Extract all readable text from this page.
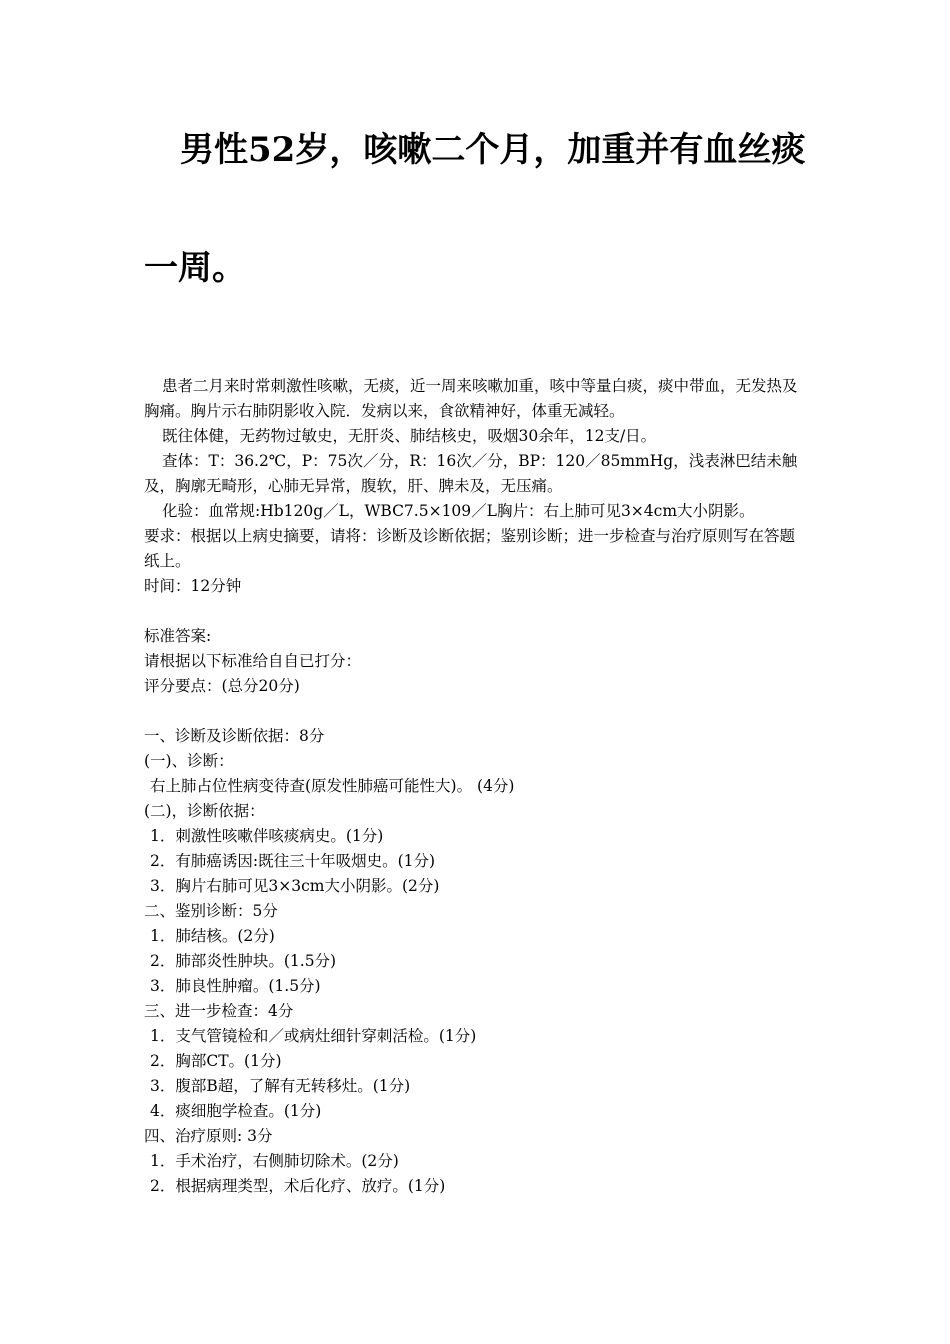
男性52岁，咳嗽二个月，加重并有血丝痰
一周。

患者二月来时常刺激性咳嗽，无痰，近一周来咳嗽加重，咳中等量白痰，痰中带血，无发热及胸痛。胸片示右肺阴影收入院．发病以来，食欲精神好，体重无减轻。

既往体健，无药物过敏史，无肝炎、肺结核史，吸烟30余年，12支/日。

查体：T：36.2℃，P：75次／分，R：16次／分，BP：120／85mmHg，浅表淋巴结未触及，胸廓无畸形，心肺无异常，腹软，肝、脾未及，无压痛。

化验：血常规:Hb120g／L，WBC7.5×109／L胸片：右上肺可见3×4cm大小阴影。

要求：根据以上病史摘要，请将：诊断及诊断依据；鉴别诊断；进一步检查与治疗原则写在答题纸上。

时间：12分钟

标准答案:
请根据以下标准给自自已打分：
评分要点：(总分20分)
一、诊断及诊断依据：8分
(一)、诊断：
右上肺占位性病变待查(原发性肺癌可能性大)。 (4分)
(二)，诊断依据：
1．刺激性咳嗽伴咳痰病史。(1分)
2．有肺癌诱因:既往三十年吸烟史。(1分)
3．胸片右肺可见3×3cm大小阴影。(2分)
二、鉴别诊断：5分
1．肺结核。(2分)
2．肺部炎性肿块。(1.5分)
3．肺良性肿瘤。(1.5分)
三、进一步检查：4分
1．支气管镜检和／或病灶细针穿刺活检。(1分)
2．胸部CT。(1分)
3．腹部B超，了解有无转移灶。(1分)
4．痰细胞学检查。(1分)
四、治疗原则: 3分
1．手术治疗，右侧肺切除术。(2分)
2．根据病理类型，术后化疗、放疗。(1分)
